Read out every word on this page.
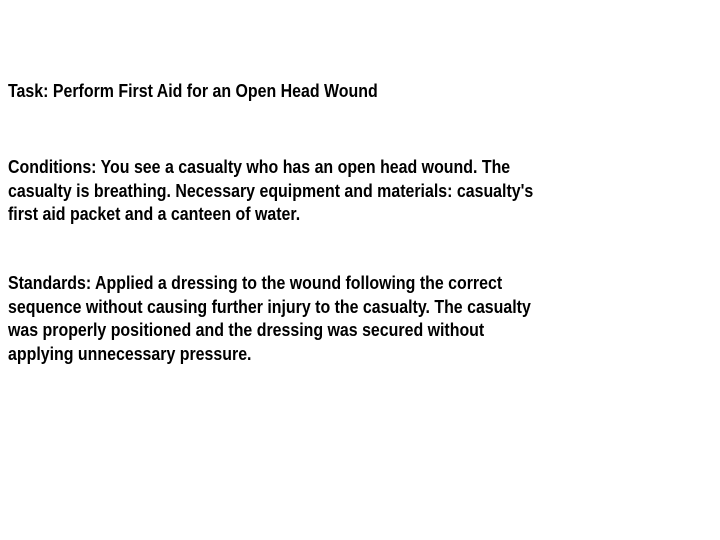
Task: Perform First Aid for an Open Head Wound
Conditions: You see a casualty who has an open head wound. The
casualty is breathing. Necessary equipment and materials: casualty's
first aid packet and a canteen of water.
Standards: Applied a dressing to the wound following the correct
sequence without causing further injury to the casualty. The casualty
was properly positioned and the dressing was secured without
applying unnecessary pressure.
